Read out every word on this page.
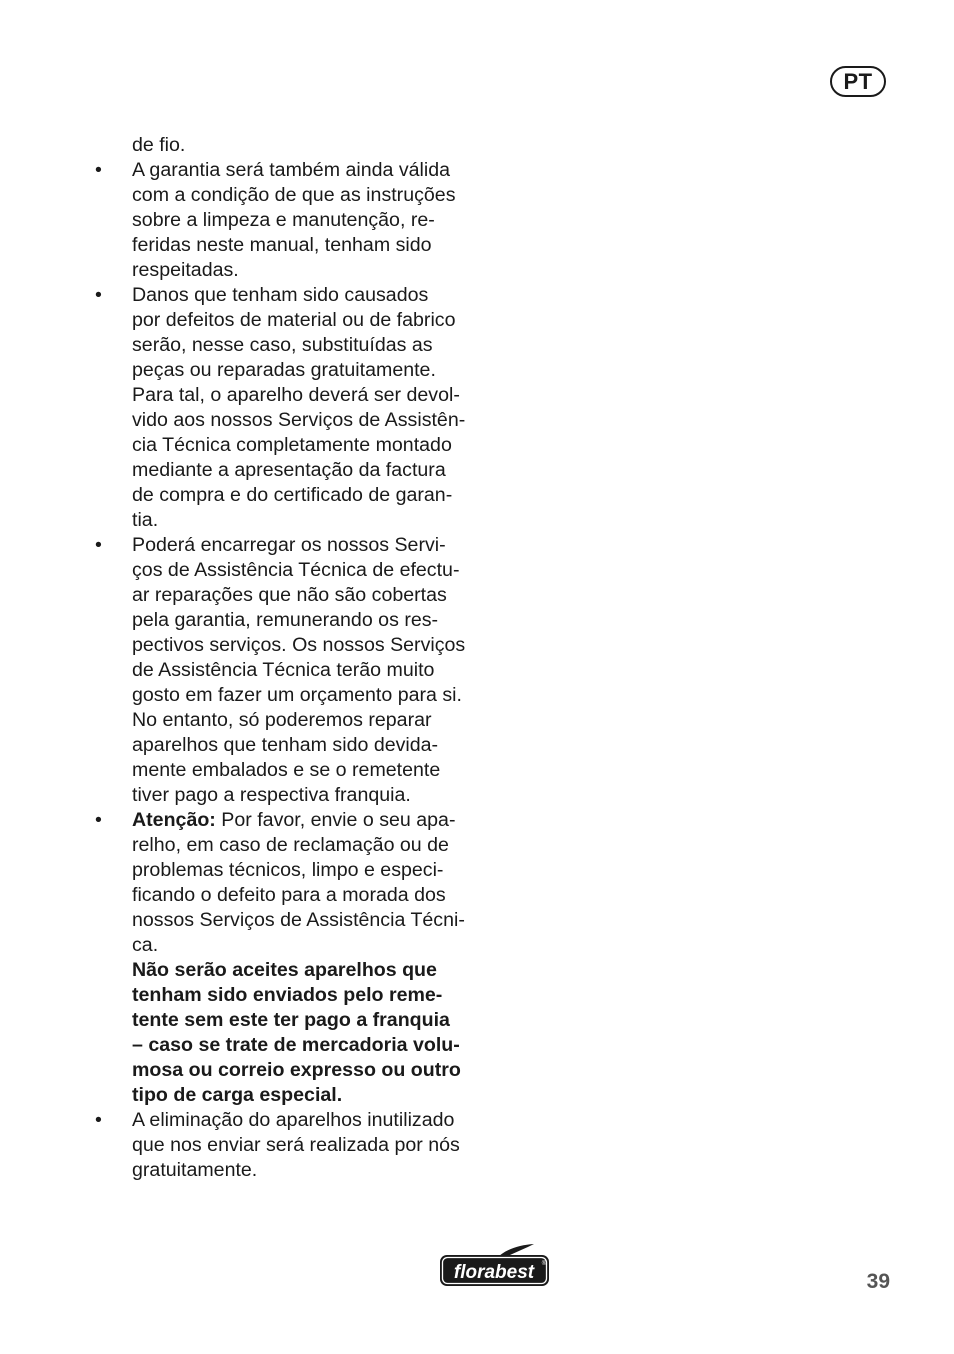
PT
de fio.
• A garantia será também ainda válida
com a condição de que as instruções
sobre a limpeza e manutenção, re-
feridas neste manual, tenham sido
respeitadas.
• Danos que tenham sido causados
por defeitos de material ou de fabrico
serão, nesse caso, substituídas as
peças ou reparadas gratuitamente.
Para tal, o aparelho deverá ser devol-
vido aos nossos Serviços de Assistên-
cia Técnica completamente montado
mediante a apresentação da factura
de compra e do certificado de garan-
tia.
• Poderá encarregar os nossos Servi-
ços de Assistência Técnica de efectu-
ar reparações que não são cobertas
pela garantia, remunerando os res-
pectivos serviços. Os nossos Serviços
de Assistência Técnica terão muito
gosto em fazer um orçamento para si.
No entanto, só poderemos reparar
aparelhos que tenham sido devida-
mente embalados e se o remetente
tiver pago a respectiva franquia.
• Atenção: Por favor, envie o seu apa-
relho, em caso de reclamação ou de
problemas técnicos, limpo e especi-
ficando o defeito para a morada dos
nossos Serviços de Assistência Técni-
ca.
Não serão aceites aparelhos que
tenham sido enviados pelo reme-
tente sem este ter pago a franquia
– caso se trate de mercadoria volu-
mosa ou correio expresso ou outro
tipo de carga especial.
• A eliminação do aparelhos inutilizado
que nos enviar será realizada por nós
gratuitamente.
florabest ®
39
